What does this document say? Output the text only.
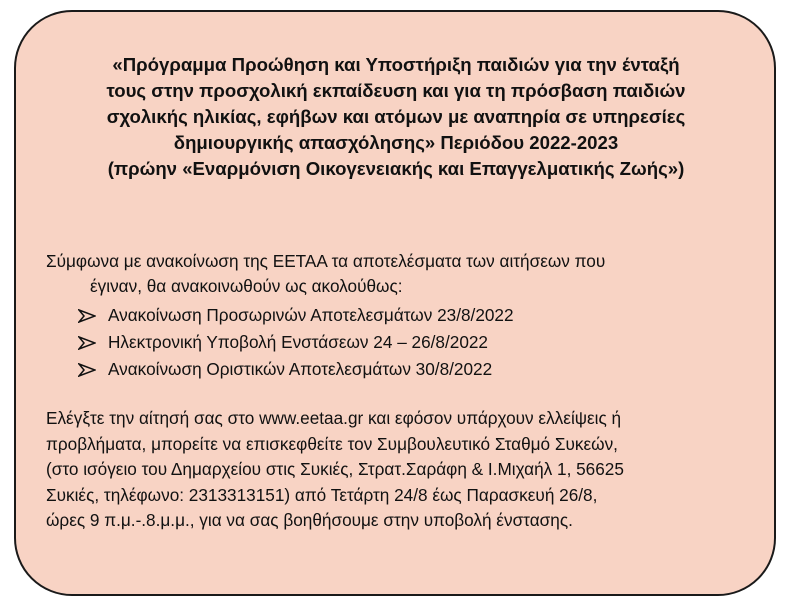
«Πρόγραμμα Προώθηση και Υποστήριξη παιδιών για την ένταξή
τους στην προσχολική εκπαίδευση και για τη πρόσβαση παιδιών
σχολικής ηλικίας, εφήβων και ατόμων με αναπηρία σε υπηρεσίες
δημιουργικής απασχόλησης» Περιόδου 2022-2023
(πρώην «Εναρμόνιση Οικογενειακής και Επαγγελματικής Ζωής»)

Σύμφωνα με ανακοίνωση της ΕΕΤΑΑ τα αποτελέσματα των αιτήσεων που
έγιναν, θα ανακοινωθούν ως ακολούθως:

Ανακοίνωση Προσωρινών Αποτελεσμάτων 23/8/2022
Ηλεκτρονική Υποβολή Ενστάσεων 24 – 26/8/2022
Ανακοίνωση Οριστικών Αποτελεσμάτων 30/8/2022

Ελέγξτε την αίτησή σας στο www.eetaa.gr και εφόσον υπάρχουν ελλείψεις ή
προβλήματα, μπορείτε να επισκεφθείτε τον Συμβουλευτικό Σταθμό Συκεών,
(στο ισόγειο του Δημαρχείου στις Συκιές, Στρατ.Σαράφη & Ι.Μιχαήλ 1, 56625
Συκιές, τηλέφωνο: 2313313151) από Τετάρτη 24/8 έως Παρασκευή 26/8,
ώρες 9 π.μ.-.8.μ.μ., για να σας βοηθήσουμε στην υποβολή ένστασης.
